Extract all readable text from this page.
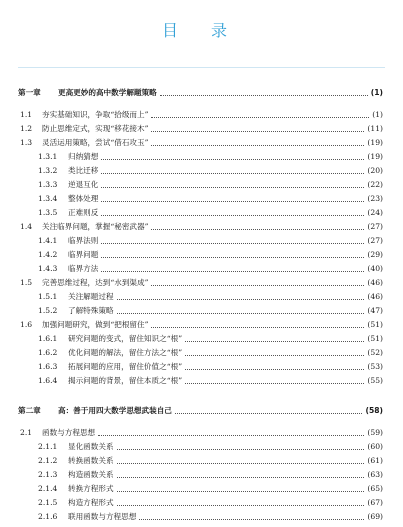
目 录
第一章	更高更妙的高中数学解题策略	(1)
1.1	夯实基础知识，争取“拾级而上”	(1)
1.2	防止思维定式，实现“移花接木”	(11)
1.3	灵活运用策略，尝试“借石攻玉”	(19)
1.3.1	归纳猜想	(19)
1.3.2	类比迁移	(20)
1.3.3	逆退互化	(22)
1.3.4	整体处理	(23)
1.3.5	正难则反	(24)
1.4	关注临界问题，掌握“秘密武器”	(27)
1.4.1	临界法则	(27)
1.4.2	临界问题	(29)
1.4.3	临界方法	(40)
1.5	完善思维过程，达到“水到渠成”	(46)
1.5.1	关注解题过程	(46)
1.5.2	了解特殊策略	(47)
1.6	加强问题研究，做到“把根留住”	(51)
1.6.1	研究问题的变式，留住知识之“根”	(51)
1.6.2	优化问题的解法，留住方法之“根”	(52)
1.6.3	拓展问题的应用，留住价值之“根”	(53)
1.6.4	揭示问题的背景，留住本质之“根”	(55)
第二章	高：善于用四大数学思想武装自己	(58)
2.1	函数与方程思想	(59)
2.1.1	显化函数关系	(60)
2.1.2	转换函数关系	(61)
2.1.3	构造函数关系	(63)
2.1.4	转换方程形式	(65)
2.1.5	构造方程形式	(67)
2.1.6	联用函数与方程思想	(69)
